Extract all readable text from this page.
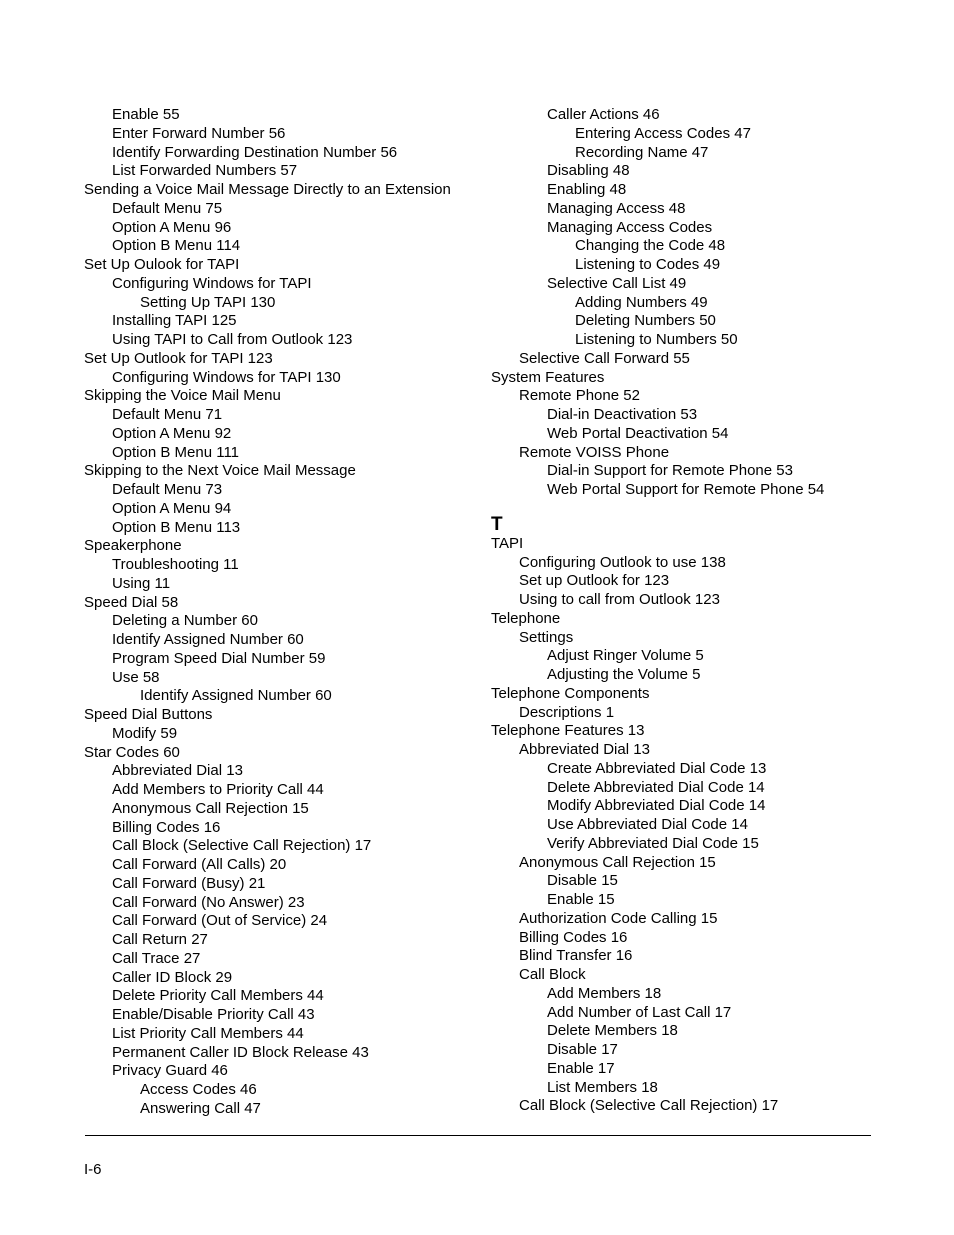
Enable 55
Enter Forward Number 56
Identify Forwarding Destination Number 56
List Forwarded Numbers 57
Sending a Voice Mail Message Directly to an Extension
Default Menu 75
Option A Menu 96
Option B Menu 114
Set Up Oulook for TAPI
Configuring Windows for TAPI
Setting Up TAPI 130
Installing TAPI 125
Using TAPI to Call from Outlook 123
Set Up Outlook for TAPI 123
Configuring Windows for TAPI 130
Skipping the Voice Mail Menu
Default Menu 71
Option A Menu 92
Option B Menu 111
Skipping to the Next Voice Mail Message
Default Menu 73
Option A Menu 94
Option B Menu 113
Speakerphone
Troubleshooting 11
Using 11
Speed Dial 58
Deleting a Number 60
Identify Assigned Number 60
Program Speed Dial Number 59
Use 58
Identify Assigned Number 60
Speed Dial Buttons
Modify 59
Star Codes 60
Abbreviated Dial 13
Add Members to Priority Call 44
Anonymous Call Rejection 15
Billing Codes 16
Call Block (Selective Call Rejection) 17
Call Forward (All Calls) 20
Call Forward (Busy) 21
Call Forward (No Answer) 23
Call Forward (Out of Service) 24
Call Return 27
Call Trace 27
Caller ID Block 29
Delete Priority Call Members 44
Enable/Disable Priority Call 43
List Priority Call Members 44
Permanent Caller ID Block Release 43
Privacy Guard 46
Access Codes 46
Answering Call 47
Caller Actions 46
Entering Access Codes 47
Recording Name 47
Disabling 48
Enabling 48
Managing Access 48
Managing Access Codes
Changing the Code 48
Listening to Codes 49
Selective Call List 49
Adding Numbers 49
Deleting Numbers 50
Listening to Numbers 50
Selective Call Forward 55
System Features
Remote Phone 52
Dial-in Deactivation 53
Web Portal Deactivation 54
Remote VOISS Phone
Dial-in Support for Remote Phone 53
Web Portal Support for Remote Phone 54
T
TAPI
Configuring Outlook to use 138
Set up Outlook for 123
Using to call from Outlook 123
Telephone
Settings
Adjust Ringer Volume 5
Adjusting the Volume 5
Telephone Components
Descriptions 1
Telephone Features 13
Abbreviated Dial 13
Create Abbreviated Dial Code 13
Delete Abbreviated Dial Code 14
Modify Abbreviated Dial Code 14
Use Abbreviated Dial Code 14
Verify Abbreviated Dial Code 15
Anonymous Call Rejection 15
Disable 15
Enable 15
Authorization Code Calling 15
Billing Codes 16
Blind Transfer 16
Call Block
Add Members 18
Add Number of Last Call 17
Delete Members 18
Disable 17
Enable 17
List Members 18
Call Block (Selective Call Rejection) 17
I-6
